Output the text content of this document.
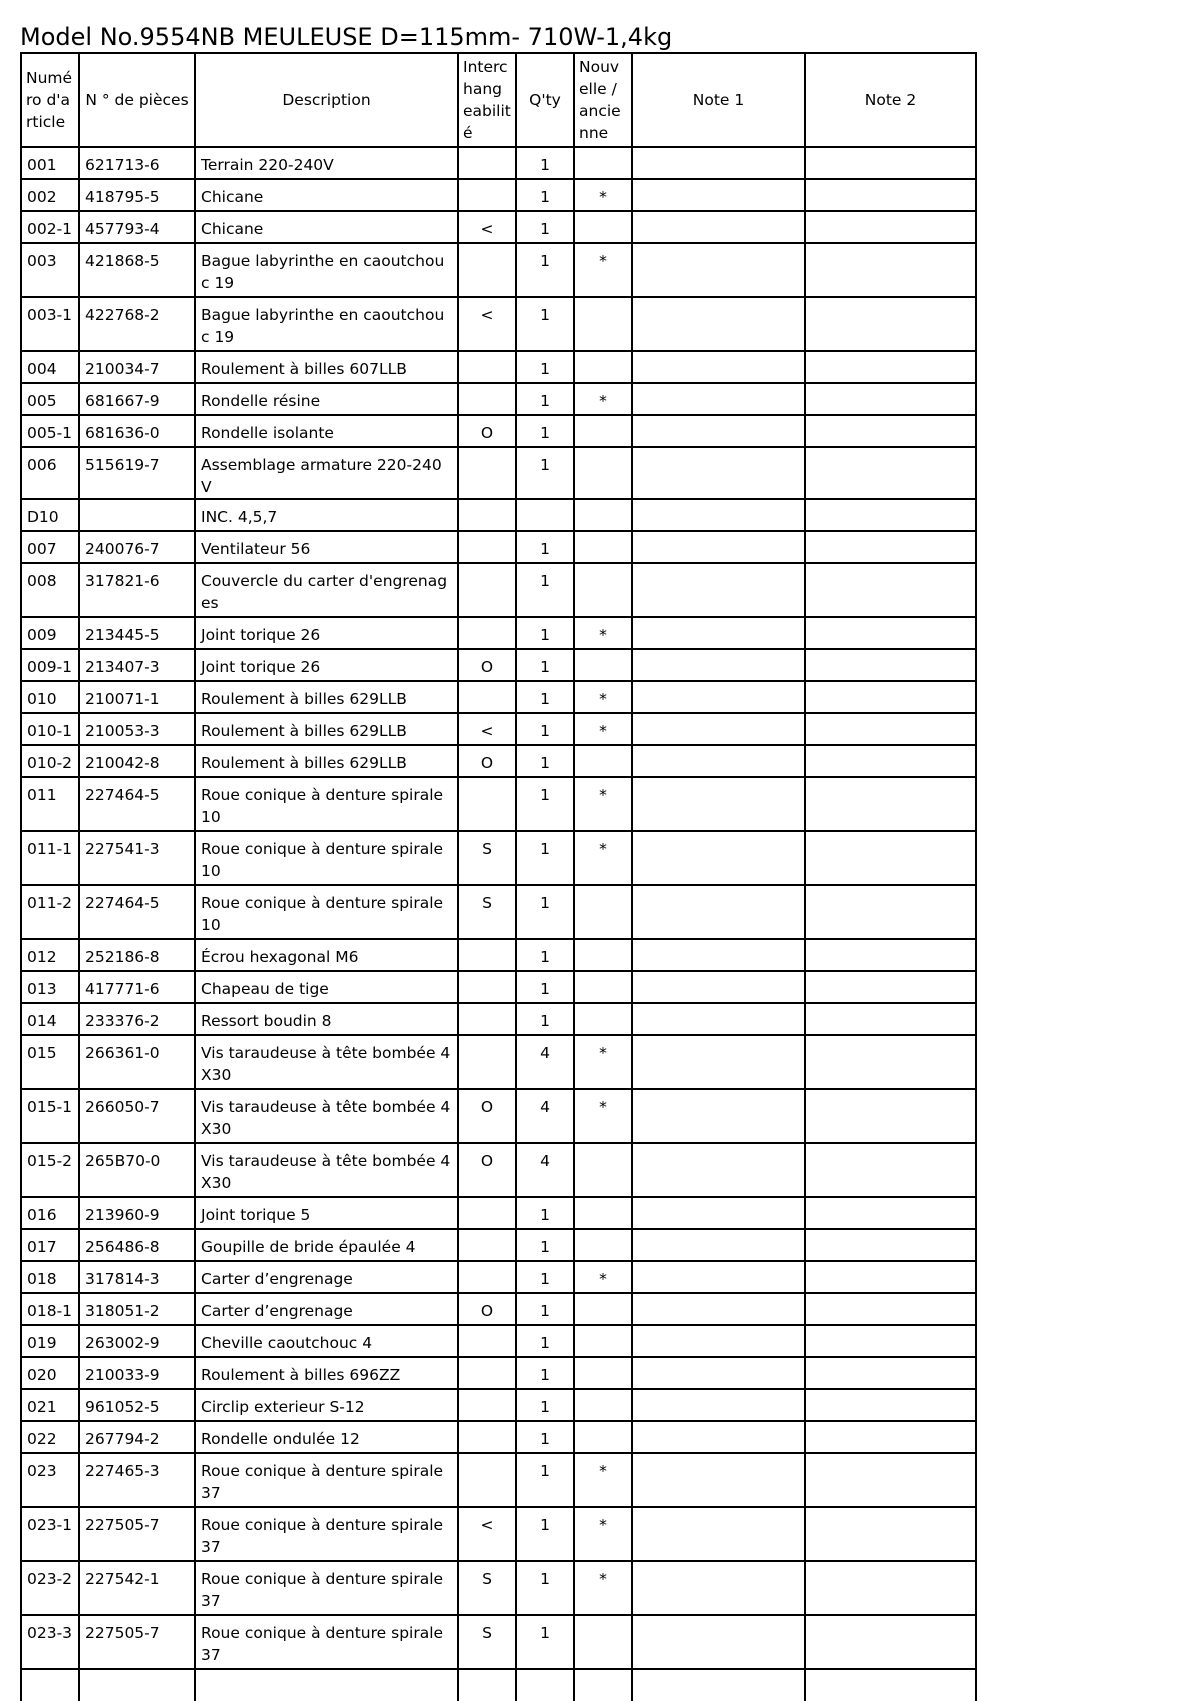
Model No.9554NB MEULEUSE D=115mm- 710W-1,4kg
Numéro d'article	N ° de pièces	Description	Interchangeabilité	Q'ty	Nouvelle / ancienne	Note 1	Note 2
001	621713-6	Terrain 220-240V		1			
002	418795-5	Chicane		1	*		
002-1	457793-4	Chicane	<	1			
003	421868-5	Bague labyrinthe en caoutchouc 19		1	*		
003-1	422768-2	Bague labyrinthe en caoutchouc 19	<	1			
004	210034-7	Roulement à billes 607LLB		1			
005	681667-9	Rondelle résine		1	*		
005-1	681636-0	Rondelle isolante	O	1			
006	515619-7	Assemblage armature 220-240V		1			
D10		INC. 4,5,7					
007	240076-7	Ventilateur 56		1			
008	317821-6	Couvercle du carter d'engrenages		1			
009	213445-5	Joint torique 26		1	*		
009-1	213407-3	Joint torique 26	O	1			
010	210071-1	Roulement à billes 629LLB		1	*		
010-1	210053-3	Roulement à billes 629LLB	<	1	*		
010-2	210042-8	Roulement à billes 629LLB	O	1			
011	227464-5	Roue conique à denture spirale 10		1	*		
011-1	227541-3	Roue conique à denture spirale 10	S	1	*		
011-2	227464-5	Roue conique à denture spirale 10	S	1			
012	252186-8	Écrou hexagonal M6		1			
013	417771-6	Chapeau de tige		1			
014	233376-2	Ressort boudin 8		1			
015	266361-0	Vis taraudeuse à tête bombée 4X30		4	*		
015-1	266050-7	Vis taraudeuse à tête bombée 4X30	O	4	*		
015-2	265B70-0	Vis taraudeuse à tête bombée 4X30	O	4			
016	213960-9	Joint torique 5		1			
017	256486-8	Goupille de bride épaulée 4		1			
018	317814-3	Carter d’engrenage		1	*		
018-1	318051-2	Carter d’engrenage	O	1			
019	263002-9	Cheville caoutchouc 4		1			
020	210033-9	Roulement à billes 696ZZ		1			
021	961052-5	Circlip exterieur S-12		1			
022	267794-2	Rondelle ondulée 12		1			
023	227465-3	Roue conique à denture spirale 37		1	*		
023-1	227505-7	Roue conique à denture spirale 37	<	1	*		
023-2	227542-1	Roue conique à denture spirale 37	S	1	*		
023-3	227505-7	Roue conique à denture spirale 37	S	1			
